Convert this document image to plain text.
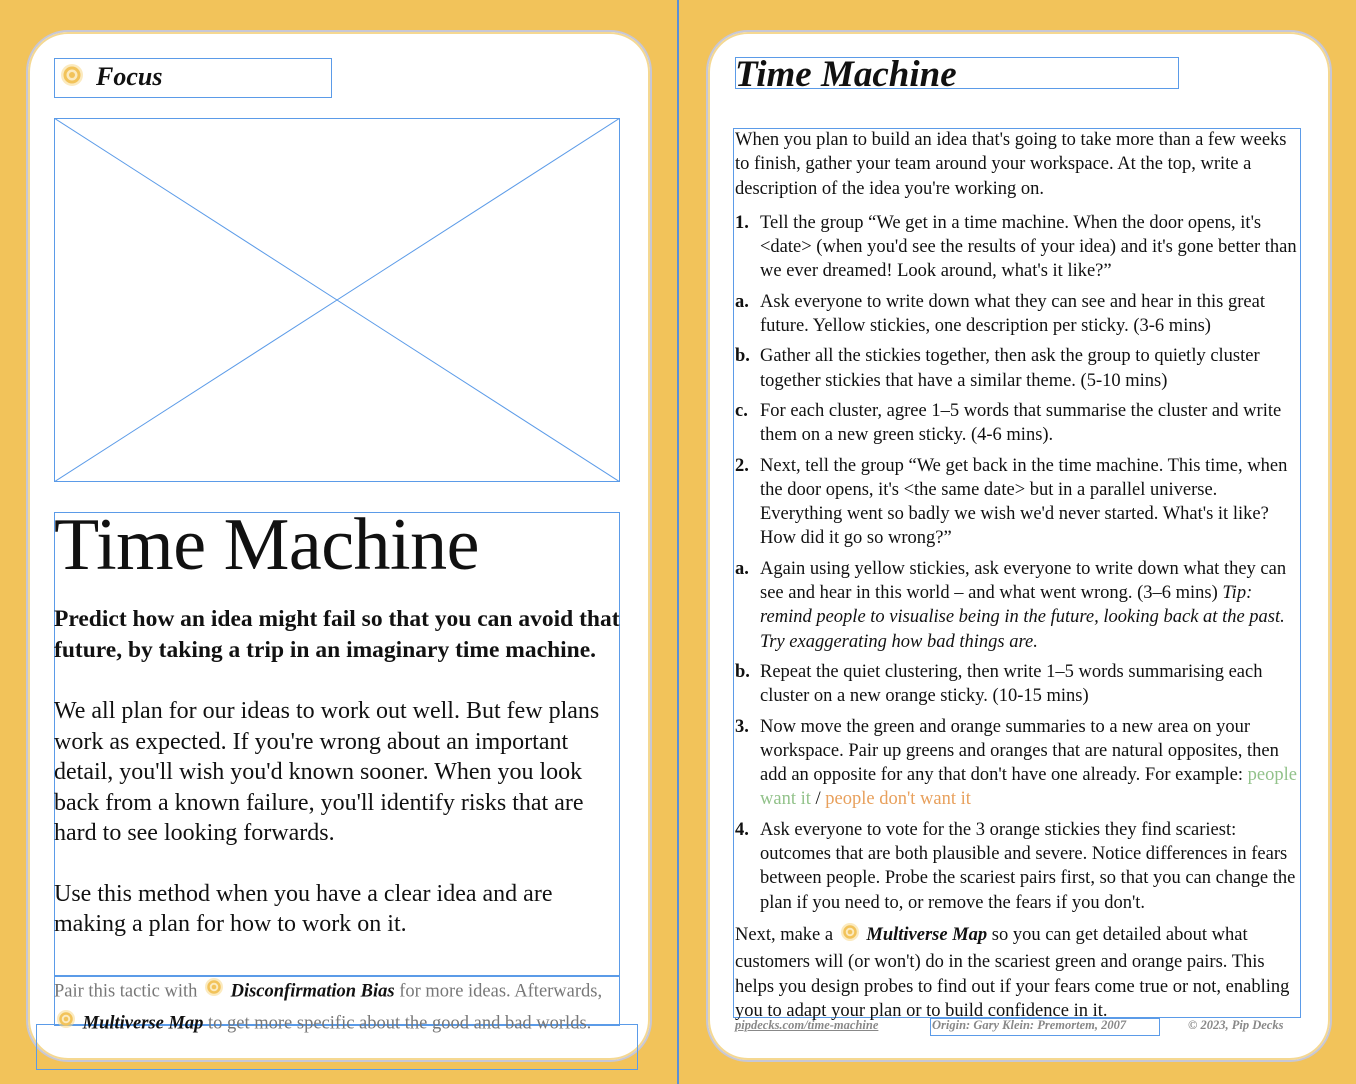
Focus
Time Machine

Predict how an idea might fail so that you can avoid that future, by taking a trip in an imaginary time machine.

We all plan for our ideas to work out well. But few plans work as expected. If you're wrong about an important detail, you'll wish you'd known sooner. When you look back from a known failure, you'll identify risks that are hard to see looking forwards.

Use this method when you have a clear idea and are making a plan for how to work on it.

Pair this tactic with Disconfirmation Bias for more ideas. Afterwards,
Multiverse Map to get more specific about the good and bad worlds.
Time Machine

When you plan to build an idea that's going to take more than a few weeks to finish, gather your team around your workspace. At the top, write a description of the idea you're working on.

1. Tell the group “We get in a time machine. When the door opens, it's <date> (when you'd see the results of your idea) and it's gone better than we ever dreamed! Look around, what's it like?”
a. Ask everyone to write down what they can see and hear in this great future. Yellow stickies, one description per sticky. (3-6 mins)
b. Gather all the stickies together, then ask the group to quietly cluster together stickies that have a similar theme. (5-10 mins)
c. For each cluster, agree 1–5 words that summarise the cluster and write them on a new green sticky. (4-6 mins).
2. Next, tell the group “We get back in the time machine. This time, when the door opens, it's <the same date> but in a parallel universe. Everything went so badly we wish we'd never started. What's it like? How did it go so wrong?”
a. Again using yellow stickies, ask everyone to write down what they can see and hear in this world – and what went wrong. (3–6 mins) Tip: remind people to visualise being in the future, looking back at the past. Try exaggerating how bad things are.
b. Repeat the quiet clustering, then write 1–5 words summarising each cluster on a new orange sticky. (10-15 mins)
3. Now move the green and orange summaries to a new area on your workspace. Pair up greens and oranges that are natural opposites, then add an opposite for any that don't have one already. For example: people want it / people don't want it
4. Ask everyone to vote for the 3 orange stickies they find scariest: outcomes that are both plausible and severe. Notice differences in fears between people. Probe the scariest pairs first, so that you can change the plan if you need to, or remove the fears if you don't.

Next, make a Multiverse Map so you can get detailed about what customers will (or won't) do in the scariest green and orange pairs. This helps you design probes to find out if your fears come true or not, enabling you to adapt your plan or to build confidence in it.

pipdecks.com/time-machine	Origin: Gary Klein: Premortem, 2007	© 2023, Pip Decks
